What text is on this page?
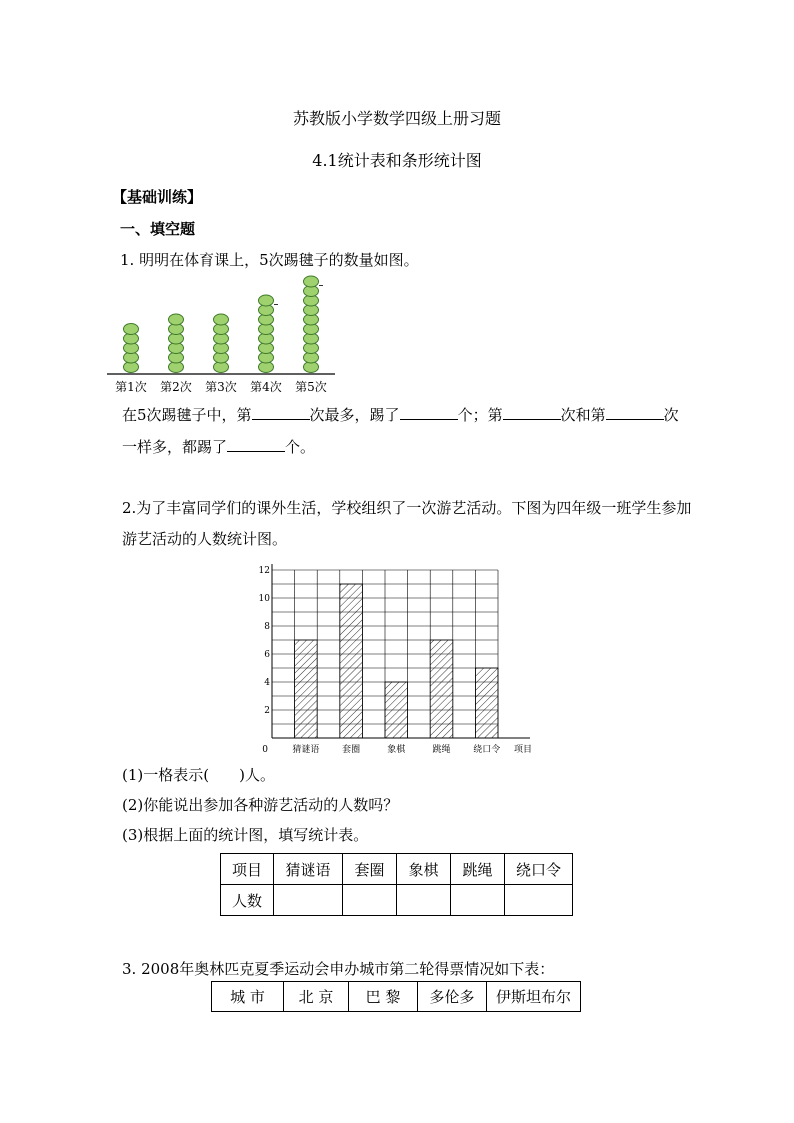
苏教版小学数学四级上册习题
4.1统计表和条形统计图
【基础训练】
一、填空题
1. 明明在体育课上，5次踢毽子的数量如图。
第1次 第2次 第3次 第4次 第5次
在5次踢毽子中，第	次最多，踢了	个；第	次和第	次
一样多，都踢了	个。
2.为了丰富同学们的课外生活，学校组织了一次游艺活动。下图为四年级一班学生参加
游艺活动的人数统计图。
0
2
4
6
8
10
12
猜谜语	套圈	象棋	跳绳	绕口令 项目
(1)一格表示( )人。
(2)你能说出参加各种游艺活动的人数吗？
(3)根据上面的统计图，填写统计表。
项目	猜谜语	套圈	象棋	跳绳	绕口令
人数					
3. 2008年奥林匹克夏季运动会申办城市第二轮得票情况如下表：
城 市	北 京	巴 黎	多伦多	伊斯坦布尔
